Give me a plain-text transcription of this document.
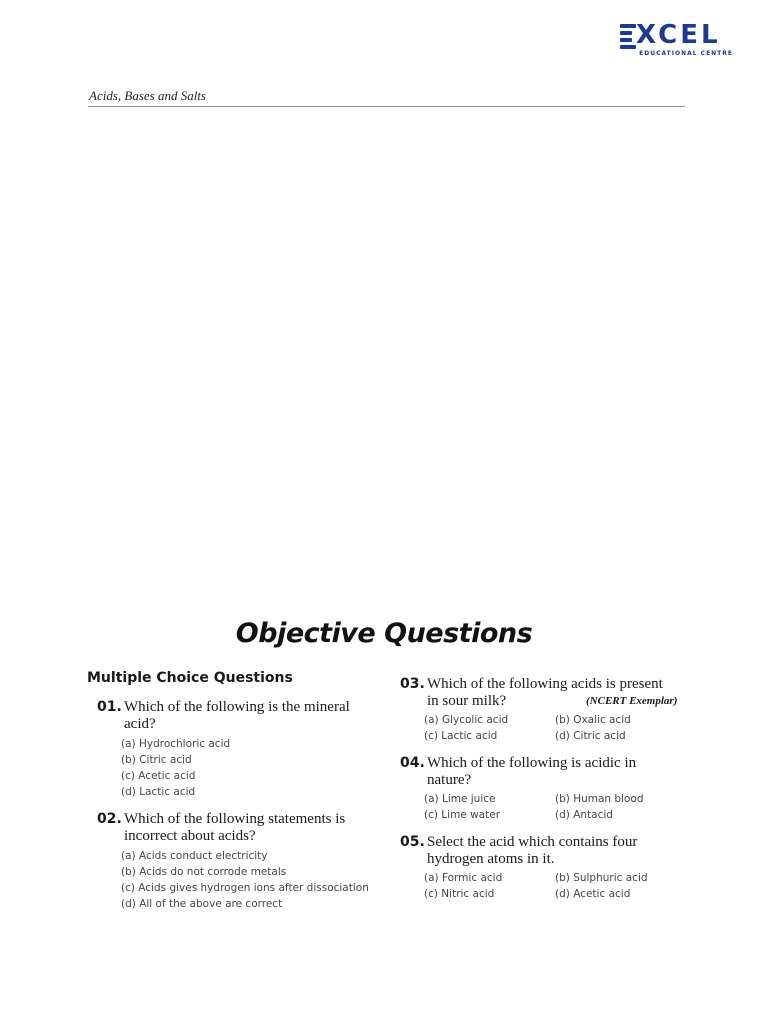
XCEL
EDUCATIONAL CENTRE
Acids, Bases and Salts
Objective Questions
Multiple Choice Questions
01. Which of the following is the mineral acid?
(a) Hydrochloric acid
(b) Citric acid
(c) Acetic acid
(d) Lactic acid
02. Which of the following statements is incorrect about acids?
(a) Acids conduct electricity
(b) Acids do not corrode metals
(c) Acids gives hydrogen ions after dissociation
(d) All of the above are correct
03. Which of the following acids is present in sour milk?	(NCERT Exemplar)
(a) Glycolic acid	(b) Oxalic acid
(c) Lactic acid	(d) Citric acid
04. Which of the following is acidic in nature?
(a) Lime juice	(b) Human blood
(c) Lime water	(d) Antacid
05. Select the acid which contains four hydrogen atoms in it.
(a) Formic acid	(b) Sulphuric acid
(c) Nitric acid	(d) Acetic acid
